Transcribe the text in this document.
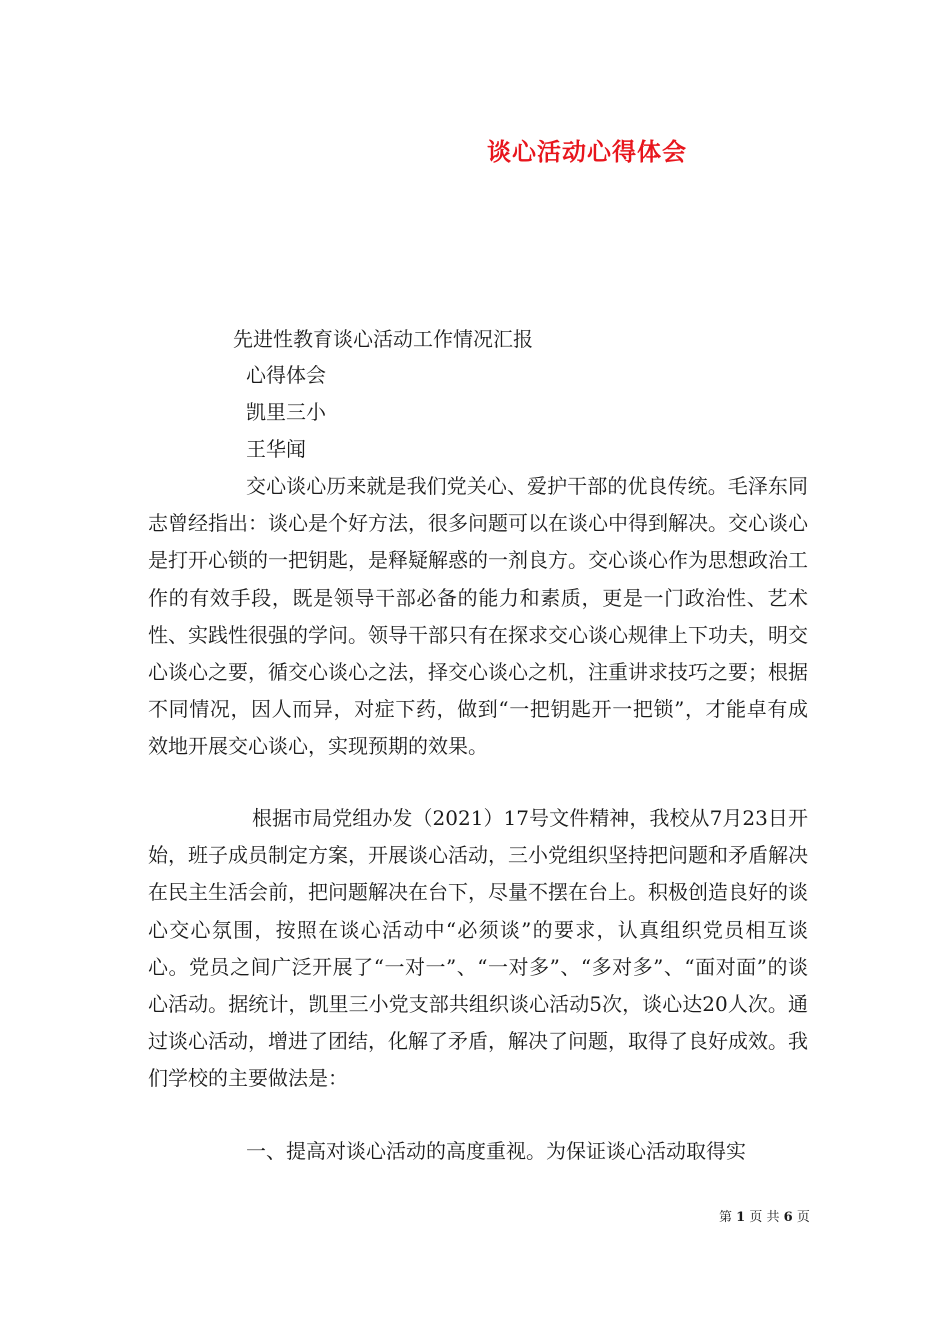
谈心活动心得体会
先进性教育谈心活动工作情况汇报
心得体会
凯里三小
王华闻

交心谈心历来就是我们党关心、爱护干部的优良传统。毛泽东同志曾经指出：谈心是个好方法，很多问题可以在谈心中得到解决。交心谈心是打开心锁的一把钥匙，是释疑解惑的一剂良方。交心谈心作为思想政治工作的有效手段，既是领导干部必备的能力和素质，更是一门政治性、艺术性、实践性很强的学问。领导干部只有在探求交心谈心规律上下功夫，明交心谈心之要，循交心谈心之法，择交心谈心之机，注重讲求技巧之要；根据不同情况，因人而异，对症下药，做到“一把钥匙开一把锁”，才能卓有成效地开展交心谈心，实现预期的效果。

根据市局党组办发（2021）17号文件精神，我校从7月23日开始，班子成员制定方案，开展谈心活动，三小党组织坚持把问题和矛盾解决在民主生活会前，把问题解决在台下，尽量不摆在台上。积极创造良好的谈心交心氛围，按照在谈心活动中“必须谈”的要求，认真组织党员相互谈心。党员之间广泛开展了“一对一”、“一对多”、“多对多”、“面对面”的谈心活动。据统计，凯里三小党支部共组织谈心活动5次，谈心达20人次。通过谈心活动，增进了团结，化解了矛盾，解决了问题，取得了良好成效。我们学校的主要做法是：

一、提高对谈心活动的高度重视。为保证谈心活动取得实

第 1 页 共 6 页
